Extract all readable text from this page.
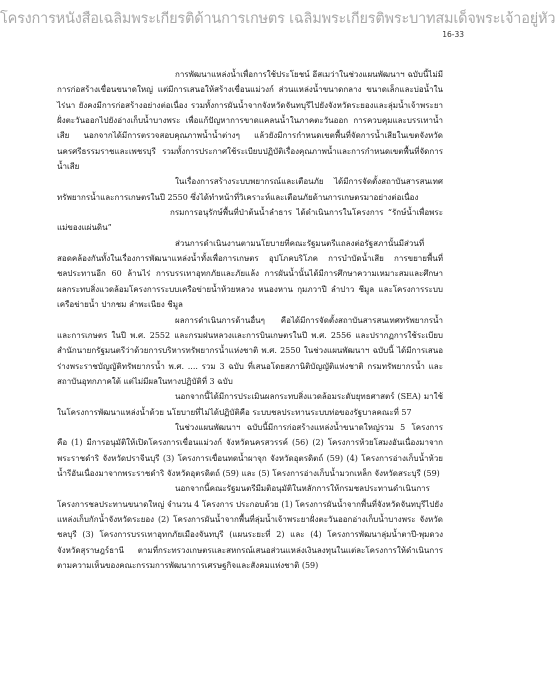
โครงการหนังสือเฉลิมพระเกียรติด้านการเกษตร เฉลิมพระเกียรติพระบาทสมเด็จพระเจ้าอยู่หัว
16-33

การพัฒนาแหล่งน้ำเพื่อการใช้ประโยชน์ อีสเมว่าในช่วงแผนพัฒนาฯ ฉบับนี้ไม่มีการก่อสร้างเขื่อนขนาดใหญ่ แต่มีการเสนอให้สร้างเขื่อนแม่วงก์ ส่วนแหล่งน้ำขนาดกลาง ขนาดเล็กและบ่อน้ำในไร่นา ยังคงมีการก่อสร้างอย่างต่อเนื่อง รวมทั้งการผันน้ำจากจังหวัดจันทบุรีไปยังจังหวัดระยองและลุ่มน้ำเจ้าพระยาฝั่งตะวันออกไปยังอ่างเก็บน้ำบางพระ เพื่อแก้ปัญหาการขาดแคลนน้ำในภาคตะวันออก การควบคุมและบรรเทาน้ำเสีย นอกจากได้มีการตรวจสอบคุณภาพน้ำน้ำต่างๆ แล้วยังมีการกำหนดเขตพื้นที่จัดการน้ำเสียในเขตจังหวัดนครศรีธรรมราชและเพชรบุรี รวมทั้งการประกาศใช้ระเบียบปฏิบัติเรื่องคุณภาพน้ำและการกำหนดเขตพื้นที่จัดการน้ำเสีย

ในเรื่องการสร้างระบบพยากรณ์และเตือนภัย ได้มีการจัดตั้งสถาบันสารสนเทศทรัพยากรน้ำและการเกษตรในปี 2550 ซึ่งได้ทำหน้าที่วิเคราะห์และเตือนภัยด้านการเกษตรมาอย่างต่อเนื่อง

กรมการอนุรักษ์พื้นที่ป่าต้นน้ำลำธาร ได้ดำเนินการในโครงการ “รักษ์น้ำเพื่อพระแม่ของแผ่นดิน”

ส่วนการดำเนินงานตามนโยบายที่คณะรัฐมนตรีแถลงต่อรัฐสภานั้นมีส่วนที่สอดคล้องกันทั้งในเรื่องการพัฒนาแหล่งน้ำทั้งเพื่อการเกษตร อุปโภคบริโภค การบำบัดน้ำเสีย การขยายพื้นที่ชลประทานอีก 60 ล้านไร่ การบรรเทาอุทกภัยและภัยแล้ง การผันน้ำนั้นได้มีการศึกษาความเหมาะสมและศึกษาผลกระทบสิ่งแวดล้อมโครงการระบบเครือข่ายน้ำห้วยหลวง หนองหาน กุมภวาปี ลำปาว ชีมูล และโครงการระบบเครือข่ายน้ำ ปากชม ลำพะเนียง ชีมูล

ผลการดำเนินการด้านอื่นๆ คือได้มีการจัดตั้งสถาบันสารสนเทศทรัพยากรน้ำและการเกษตร ในปี พ.ศ. 2552 และกรมฝนหลวงและการบินเกษตรในปี พ.ศ. 2556 และปรากฏการใช้ระเบียบสำนักนายกรัฐมนตรีว่าด้วยการบริหารทรัพยากรน้ำแห่งชาติ พ.ศ. 2550 ในช่วงแผนพัฒนาฯ ฉบับนี้ ได้มีการเสนอร่างพระราชบัญญัติทรัพยากรน้ำ พ.ศ. .... รวม 3 ฉบับ ที่เสนอโดยสภานิติบัญญัติแห่งชาติ กรมทรัพยากรน้ำ และสถาบันอุทกภาคใต้ แต่ไม่มีผลในทางปฏิบัติที่ 3 ฉบับ

นอกจากนี้ได้มีการประเมินผลกระทบสิ่งแวดล้อมระดับยุทธศาสตร์ (SEA) มาใช้ในโครงการพัฒนาแหล่งน้ำด้วย นโยบายที่ไม่ได้ปฏิบัติคือ ระบบชลประทานระบบท่อของรัฐบาลคณะที่ 57

ในช่วงแผนพัฒนาฯ ฉบับนี้มีการก่อสร้างแหล่งน้ำขนาดใหญ่รวม 5 โครงการ คือ (1) มีการอนุมัติให้เปิดโครงการเขื่อนแม่วงก์ จังหวัดนครสวรรค์ (56) (2) โครงการห้วยโสมงอันเนื่องมาจากพระราชดำริ จังหวัดปราจีนบุรี (3) โครงการเขื่อนทดน้ำผาจุก จังหวัดอุตรดิตถ์ (59) (4) โครงการอ่างเก็บน้ำห้วยน้ำรีอันเนื่องมาจากพระราชดำริ จังหวัดอุตรดิตถ์ (59) และ (5) โครงการอ่างเก็บน้ำมวกเหล็ก จังหวัดสระบุรี (59)

นอกจากนี้คณะรัฐมนตรีมีมติอนุมัติในหลักการให้กรมชลประทานดำเนินการโครงการชลประทานขนาดใหญ่ จำนวน 4 โครงการ ประกอบด้วย (1) โครงการผันน้ำจากพื้นที่จังหวัดจันทบุรีไปยังแหล่งเก็บกักน้ำจังหวัดระยอง (2) โครงการผันน้ำจากพื้นที่ลุ่มน้ำเจ้าพระยาฝั่งตะวันออกอ่างเก็บน้ำบางพระ จังหวัดชลบุรี (3) โครงการบรรเทาอุทกภัยเมืองจันทบุรี (แผนระยะที่ 2) และ (4) โครงการพัฒนาลุ่มน้ำตาปี-พุมดวง จังหวัดสุราษฎร์ธานี ตามที่กระทรวงเกษตรและสหกรณ์เสนอส่วนแหล่งเงินลงทุนในแต่ละโครงการให้ดำเนินการตามความเห็นของคณะกรรมการพัฒนาการเศรษฐกิจและสังคมแห่งชาติ (59)
